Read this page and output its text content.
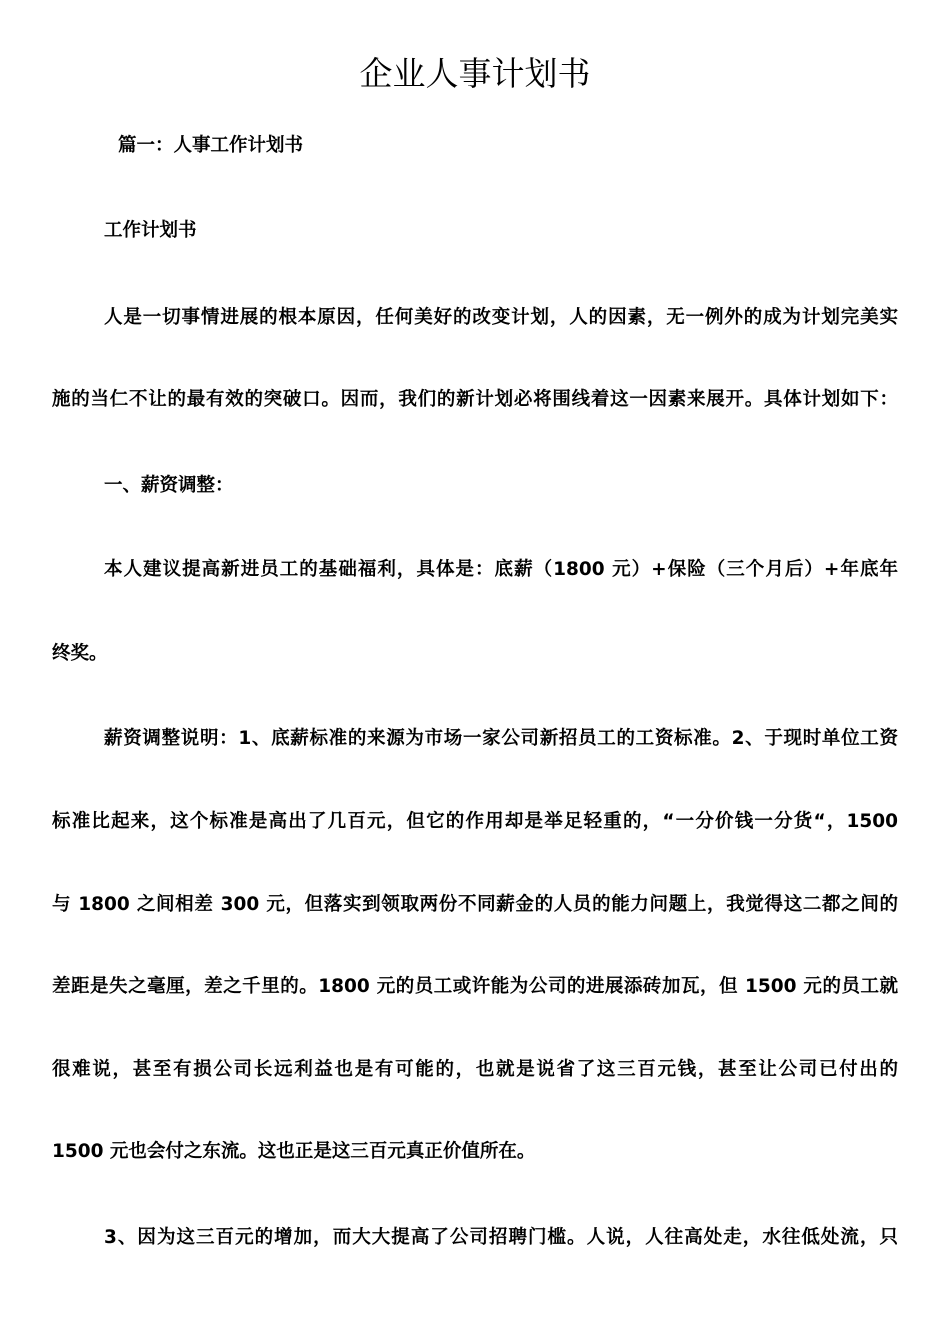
企业人事计划书

篇一：人事工作计划书

工作计划书

人是一切事情进展的根本原因，任何美好的改变计划，人的因素，无一例外的成为计划完美实

施的当仁不让的最有效的突破口。因而，我们的新计划必将围线着这一因素来展开。具体计划如下：

一、薪资调整：

本人建议提高新进员工的基础福利，具体是：底薪（1800 元）+保险（三个月后）+年底年

终奖。

薪资调整说明：1、底薪标准的来源为市场一家公司新招员工的工资标准。2、于现时单位工资

标准比起来，这个标准是高出了几百元，但它的作用却是举足轻重的，“一分价钱一分货“，1500

与 1800 之间相差 300 元，但落实到领取两份不同薪金的人员的能力问题上，我觉得这二都之间的

差距是失之毫厘，差之千里的。1800 元的员工或许能为公司的进展添砖加瓦，但 1500 元的员工就

很难说，甚至有损公司长远利益也是有可能的，也就是说省了这三百元钱，甚至让公司已付出的

1500 元也会付之东流。这也正是这三百元真正价值所在。

3、因为这三百元的增加，而大大提高了公司招聘门槛。人说，人往高处走，水往低处流，只
